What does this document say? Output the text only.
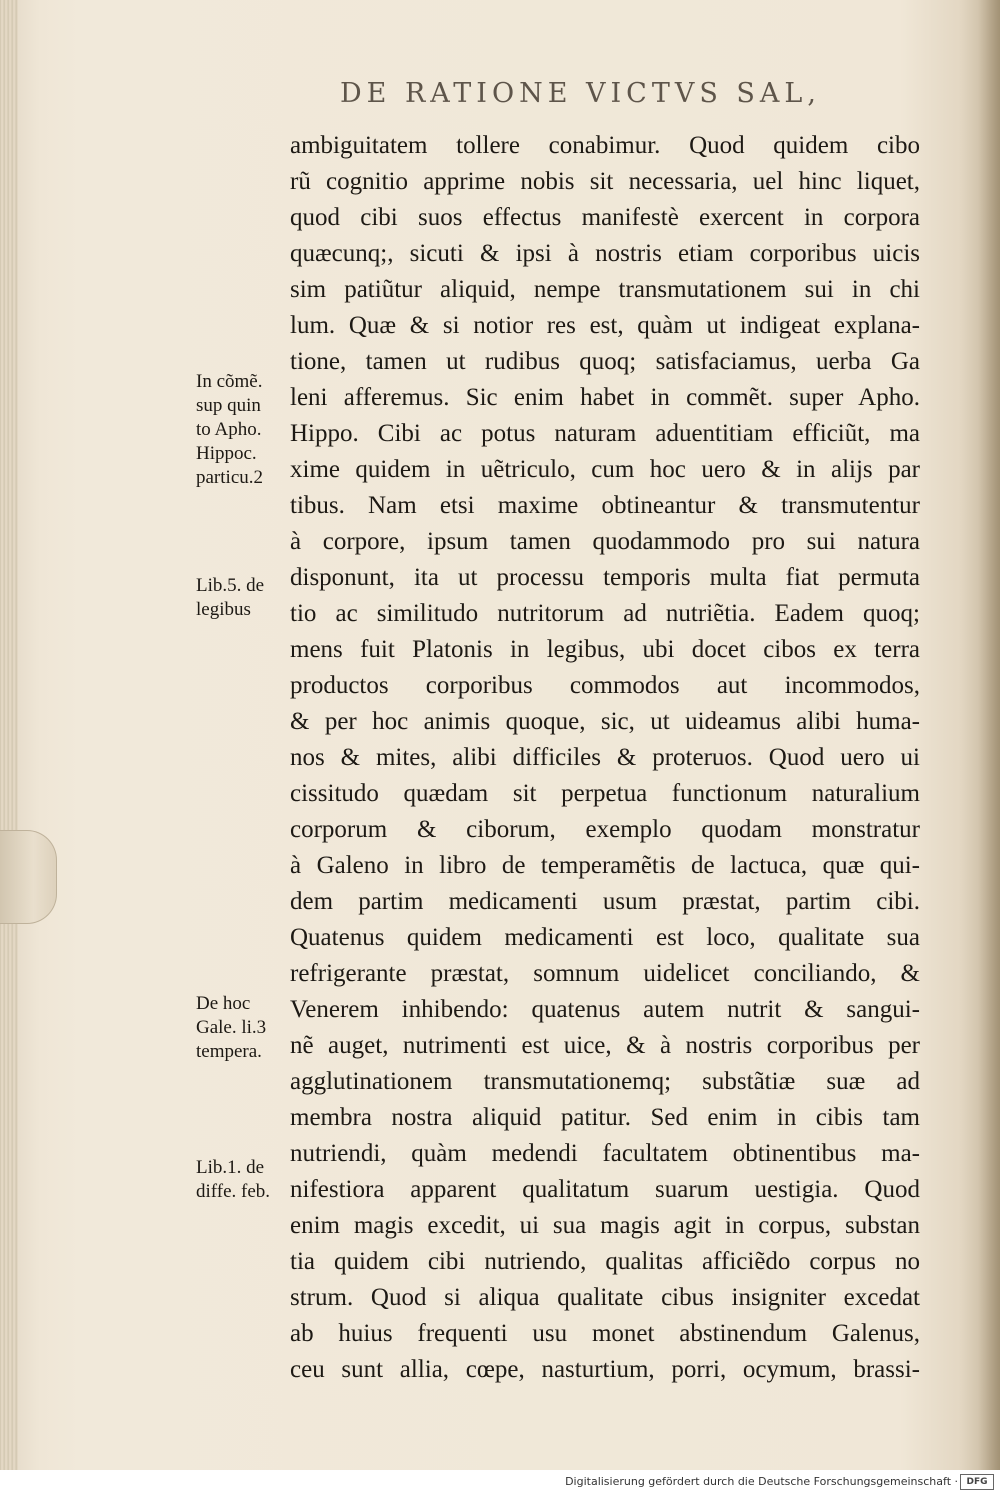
DE RATIONE VICTVS SAL,
ambiguitatem tollere conabimur. Quod quidem cibo
rũ cognitio apprime nobis sit necessaria, uel hinc liquet,
quod cibi suos effectus manifestè exercent in corpora
quæcunq;, sicuti & ipsi à nostris etiam corporibus uicis
sim patiũtur aliquid, nempe transmutationem sui in chi
lum. Quæ & si notior res est, quàm ut indigeat explana-
tione, tamen ut rudibus quoq; satisfaciamus, uerba Ga
leni afferemus. Sic enim habet in commẽt. super Apho.
Hippo. Cibi ac potus naturam aduentitiam efficiũt, ma
xime quidem in uẽtriculo, cum hoc uero & in alijs par
tibus. Nam etsi maxime obtineantur & transmutentur
à corpore, ipsum tamen quodammodo pro sui natura
disponunt, ita ut processu temporis multa fiat permuta
tio ac similitudo nutritorum ad nutriẽtia. Eadem quoq;
mens fuit Platonis in legibus, ubi docet cibos ex terra
productos corporibus commodos aut incommodos,
& per hoc animis quoque, sic, ut uideamus alibi huma-
nos & mites, alibi difficiles & proteruos. Quod uero ui
cissitudo quædam sit perpetua functionum naturalium
corporum & ciborum, exemplo quodam monstratur
à Galeno in libro de temperamẽtis de lactuca, quæ qui-
dem partim medicamenti usum præstat, partim cibi.
Quatenus quidem medicamenti est loco, qualitate sua
refrigerante præstat, somnum uidelicet conciliando, &
Venerem inhibendo: quatenus autem nutrit & sangui-
nẽ auget, nutrimenti est uice, & à nostris corporibus per
agglutinationem transmutationemq; substãtiæ suæ ad
membra nostra aliquid patitur. Sed enim in cibis tam
nutriendi, quàm medendi facultatem obtinentibus ma-
nifestiora apparent qualitatum suarum uestigia. Quod
enim magis excedit, ui sua magis agit in corpus, substan
tia quidem cibi nutriendo, qualitas afficiẽdo corpus no
strum. Quod si aliqua qualitate cibus insigniter excedat
ab huius frequenti usu monet abstinendum Galenus,
ceu sunt allia, cœpe, nasturtium, porri, ocymum, brassi-
In cõmẽ.
sup quin
to Apho.
Hippoc.
particu.2
Lib.5. de
legibus
De hoc
Gale. li.3
tempera.
Lib.1. de
diffe. feb.
Digitalisierung gefördert durch die Deutsche Forschungsgemeinschaft · DFG
